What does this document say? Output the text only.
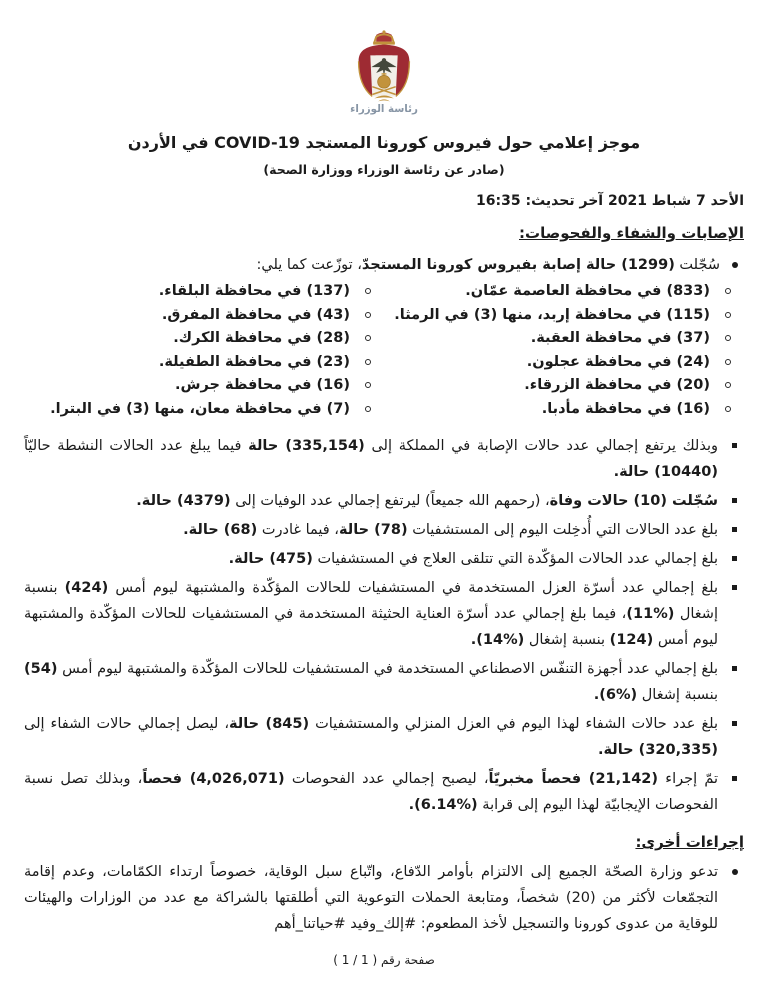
رئاسة الوزراء
موجز إعلامي حول فيروس كورونا المستجد COVID-19 في الأردن
(صادر عن رئاسة الوزراء ووزارة الصحة)
الأحد 7 شباط 2021 آخر تحديث: 16:35
الإصابات والشفاء والفحوصات:
سُجّلت (1299) حالة إصابة بفيروس كورونا المستجدّ، توزّعت كما يلي:
(833) في محافظة العاصمة عمّان.
(115) في محافظة إربد، منها (3) في الرمثا.
(37) في محافظة العقبة.
(24) في محافظة عجلون.
(20) في محافظة الزرقاء.
(16) في محافظة مأدبا.
(137) في محافظة البلقاء.
(43) في محافظة المفرق.
(28) في محافظة الكرك.
(23) في محافظة الطفيلة.
(16) في محافظة جرش.
(7) في محافظة معان، منها (3) في البترا.
وبذلك يرتفع إجمالي عدد حالات الإصابة في المملكة إلى (335,154) حالة فيما يبلغ عدد الحالات النشطة حاليّاً (10440) حالة.
سُجّلت (10) حالات وفاة، (رحمهم الله جميعاً) ليرتفع إجمالي عدد الوفيات إلى (4379) حالة.
بلغ عدد الحالات التي أُدخِلت اليوم إلى المستشفيات (78) حالة، فيما غادرت (68) حالة.
بلغ إجمالي عدد الحالات المؤكّدة التي تتلقى العلاج في المستشفيات (475) حالة.
بلغ إجمالي عدد أسرّة العزل المستخدمة في المستشفيات للحالات المؤكّدة والمشتبهة ليوم أمس (424) بنسبة إشغال (%11)، فيما بلغ إجمالي عدد أسرّة العناية الحثيثة المستخدمة في المستشفيات للحالات المؤكّدة والمشتبهة ليوم أمس (124) بنسبة إشغال (%14).
بلغ إجمالي عدد أجهزة التنفّس الاصطناعي المستخدمة في المستشفيات للحالات المؤكّدة والمشتبهة ليوم أمس (54) بنسبة إشغال (%6).
بلغ عدد حالات الشفاء لهذا اليوم في العزل المنزلي والمستشفيات (845) حالة، ليصل إجمالي حالات الشفاء إلى (320,335) حالة.
تمّ إجراء (21,142) فحصاً مخبريّاً، ليصبح إجمالي عدد الفحوصات (4,026,071) فحصاً، وبذلك تصل نسبة الفحوصات الإيجابيّة لهذا اليوم إلى قرابة (%6.14).
إجراءات أخرى:
تدعو وزارة الصحّة الجميع إلى الالتزام بأوامر الدّفاع، واتّباع سبل الوقاية، خصوصاً ارتداء الكمّامات، وعدم إقامة التجمّعات لأكثر من (20) شخصاً، ومتابعة الحملات التوعوية التي أطلقتها بالشراكة مع عدد من الوزارات والهيئات للوقاية من عدوى كورونا والتسجيل لأخذ المطعوم: #إلك_وفيد #حياتنا_أهم
صفحة رقم ( 1 / 1 )
